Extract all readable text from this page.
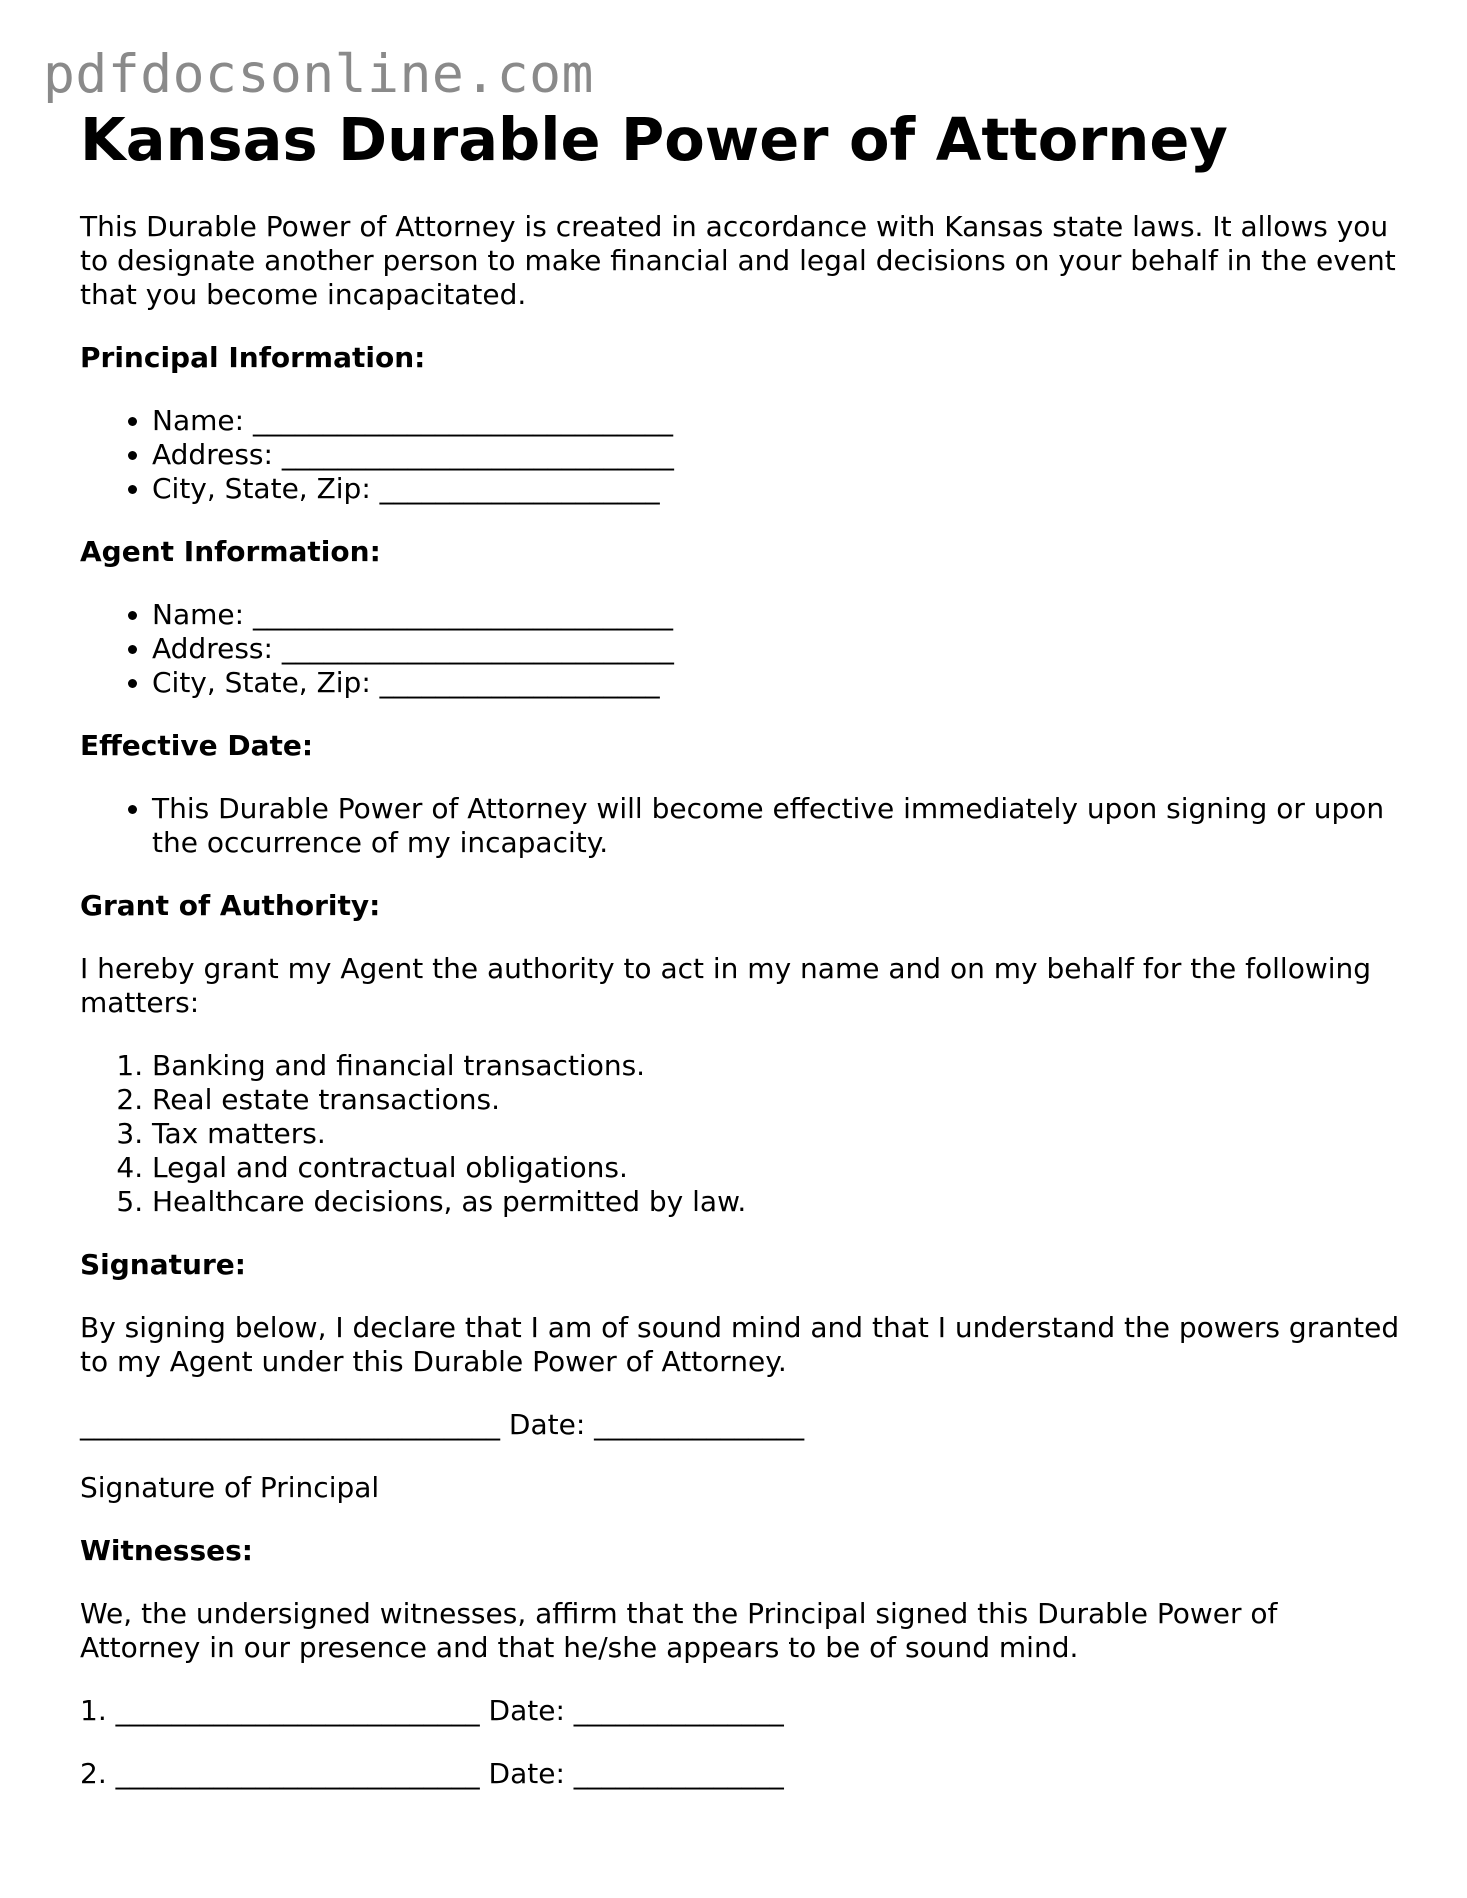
pdfdocsonline.com
Kansas Durable Power of Attorney

This Durable Power of Attorney is created in accordance with Kansas state laws. It allows you to designate another person to make financial and legal decisions on your behalf in the event that you become incapacitated.

Principal Information:
• Name: ______________________________
• Address: ____________________________
• City, State, Zip: ____________________
Agent Information:
• Name: ______________________________
• Address: ____________________________
• City, State, Zip: ____________________
Effective Date:
• This Durable Power of Attorney will become effective immediately upon signing or upon the occurrence of my incapacity.
Grant of Authority:

I hereby grant my Agent the authority to act in my name and on my behalf for the following matters:

1. Banking and financial transactions.
2. Real estate transactions.
3. Tax matters.
4. Legal and contractual obligations.
5. Healthcare decisions, as permitted by law.
Signature:

By signing below, I declare that I am of sound mind and that I understand the powers granted to my Agent under this Durable Power of Attorney.

______________________________ Date: _______________

Signature of Principal

Witnesses:

We, the undersigned witnesses, affirm that the Principal signed this Durable Power of Attorney in our presence and that he/she appears to be of sound mind.

1. __________________________ Date: _______________

2. __________________________ Date: _______________
